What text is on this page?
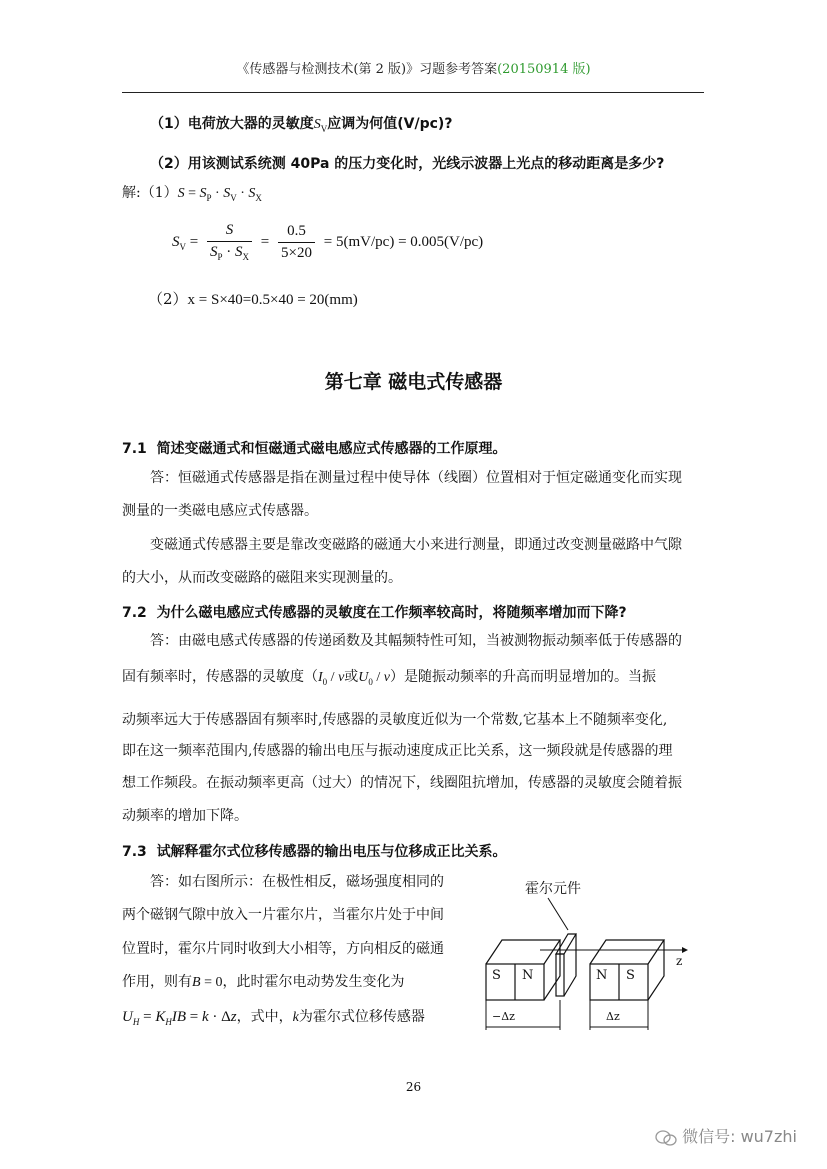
《传感器与检测技术(第 2 版)》习题参考答案(20150914 版)
（1）电荷放大器的灵敏度$S_V$应调为何值(V/pc)?
（2）用该测试系统测 40Pa 的压力变化时，光线示波器上光点的移动距离是多少?
解:（1）S = $S_P \cdot S_V \cdot S_X$
$S_V = \frac{S}{S_P \cdot S_X} = \frac{0.5}{5\times 20} = 5(mV/pc) = 0.005(V/pc)$
（2）x = S×40=0.5×40 = 20(mm)
第七章 磁电式传感器
7.1 简述变磁通式和恒磁通式磁电感应式传感器的工作原理。
答：恒磁通式传感器是指在测量过程中使导体（线圈）位置相对于恒定磁通变化而实现
测量的一类磁电感应式传感器。
变磁通式传感器主要是靠改变磁路的磁通大小来进行测量，即通过改变测量磁路中气隙
的大小，从而改变磁路的磁阻来实现测量的。
7.2 为什么磁电感应式传感器的灵敏度在工作频率较高时，将随频率增加而下降?
答：由磁电感式传感器的传递函数及其幅频特性可知，当被测物振动频率低于传感器的
固有频率时，传感器的灵敏度（$I_0$ / v或$U_0 / v$）是随振动频率的升高而明显增加的。当振
动频率远大于传感器固有频率时,传感器的灵敏度近似为一个常数,它基本上不随频率变化,
即在这一频率范围内,传感器的输出电压与振动速度成正比关系，这一频段就是传感器的理
想工作频段。在振动频率更高（过大）的情况下，线圈阻抗增加，传感器的灵敏度会随着振
动频率的增加下降。
7.3 试解释霍尔式位移传感器的输出电压与位移成正比关系。
答：如右图所示：在极性相反，磁场强度相同的
两个磁钢气隙中放入一片霍尔片，当霍尔片处于中间
位置时，霍尔片同时收到大小相等，方向相反的磁通
作用，则有B = 0，此时霍尔电动势发生变化为
$U_H = K_HIB = k \cdot \Delta z$，式中，k为霍尔式位移传感器
霍尔元件
S N	N S
z
−Δz	Δz
26
微信号: wu7zhi
